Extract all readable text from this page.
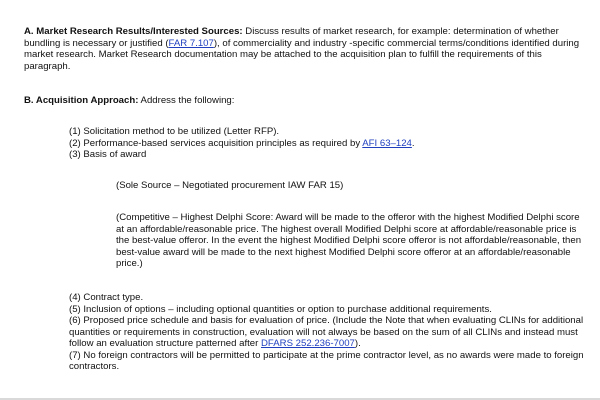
A. Market Research Results/Interested Sources: Discuss results of market research, for example: determination of whether bundling is necessary or justified (FAR 7.107), of commerciality and industry -specific commercial terms/conditions identified during market research. Market Research documentation may be attached to the acquisition plan to fulfill the requirements of this paragraph.

B. Acquisition Approach: Address the following:

(1) Solicitation method to be utilized (Letter RFP).
(2) Performance-based services acquisition principles as required by AFI 63–124.
(3) Basis of award

(Sole Source – Negotiated procurement IAW FAR 15)

(Competitive – Highest Delphi Score: Award will be made to the offeror with the highest Modified Delphi score at an affordable/reasonable price. The highest overall Modified Delphi score at affordable/reasonable price is the best-value offeror. In the event the highest Modified Delphi score offeror is not affordable/reasonable, then best-value award will be made to the next highest Modified Delphi score offeror at an affordable/reasonable price.)

(4) Contract type.
(5) Inclusion of options – including optional quantities or option to purchase additional requirements.
(6) Proposed price schedule and basis for evaluation of price. (Include the Note that when evaluating CLINs for additional quantities or requirements in construction, evaluation will not always be based on the sum of all CLINs and instead must follow an evaluation structure patterned after DFARS 252.236-7007).
(7) No foreign contractors will be permitted to participate at the prime contractor level, as no awards were made to foreign contractors.
